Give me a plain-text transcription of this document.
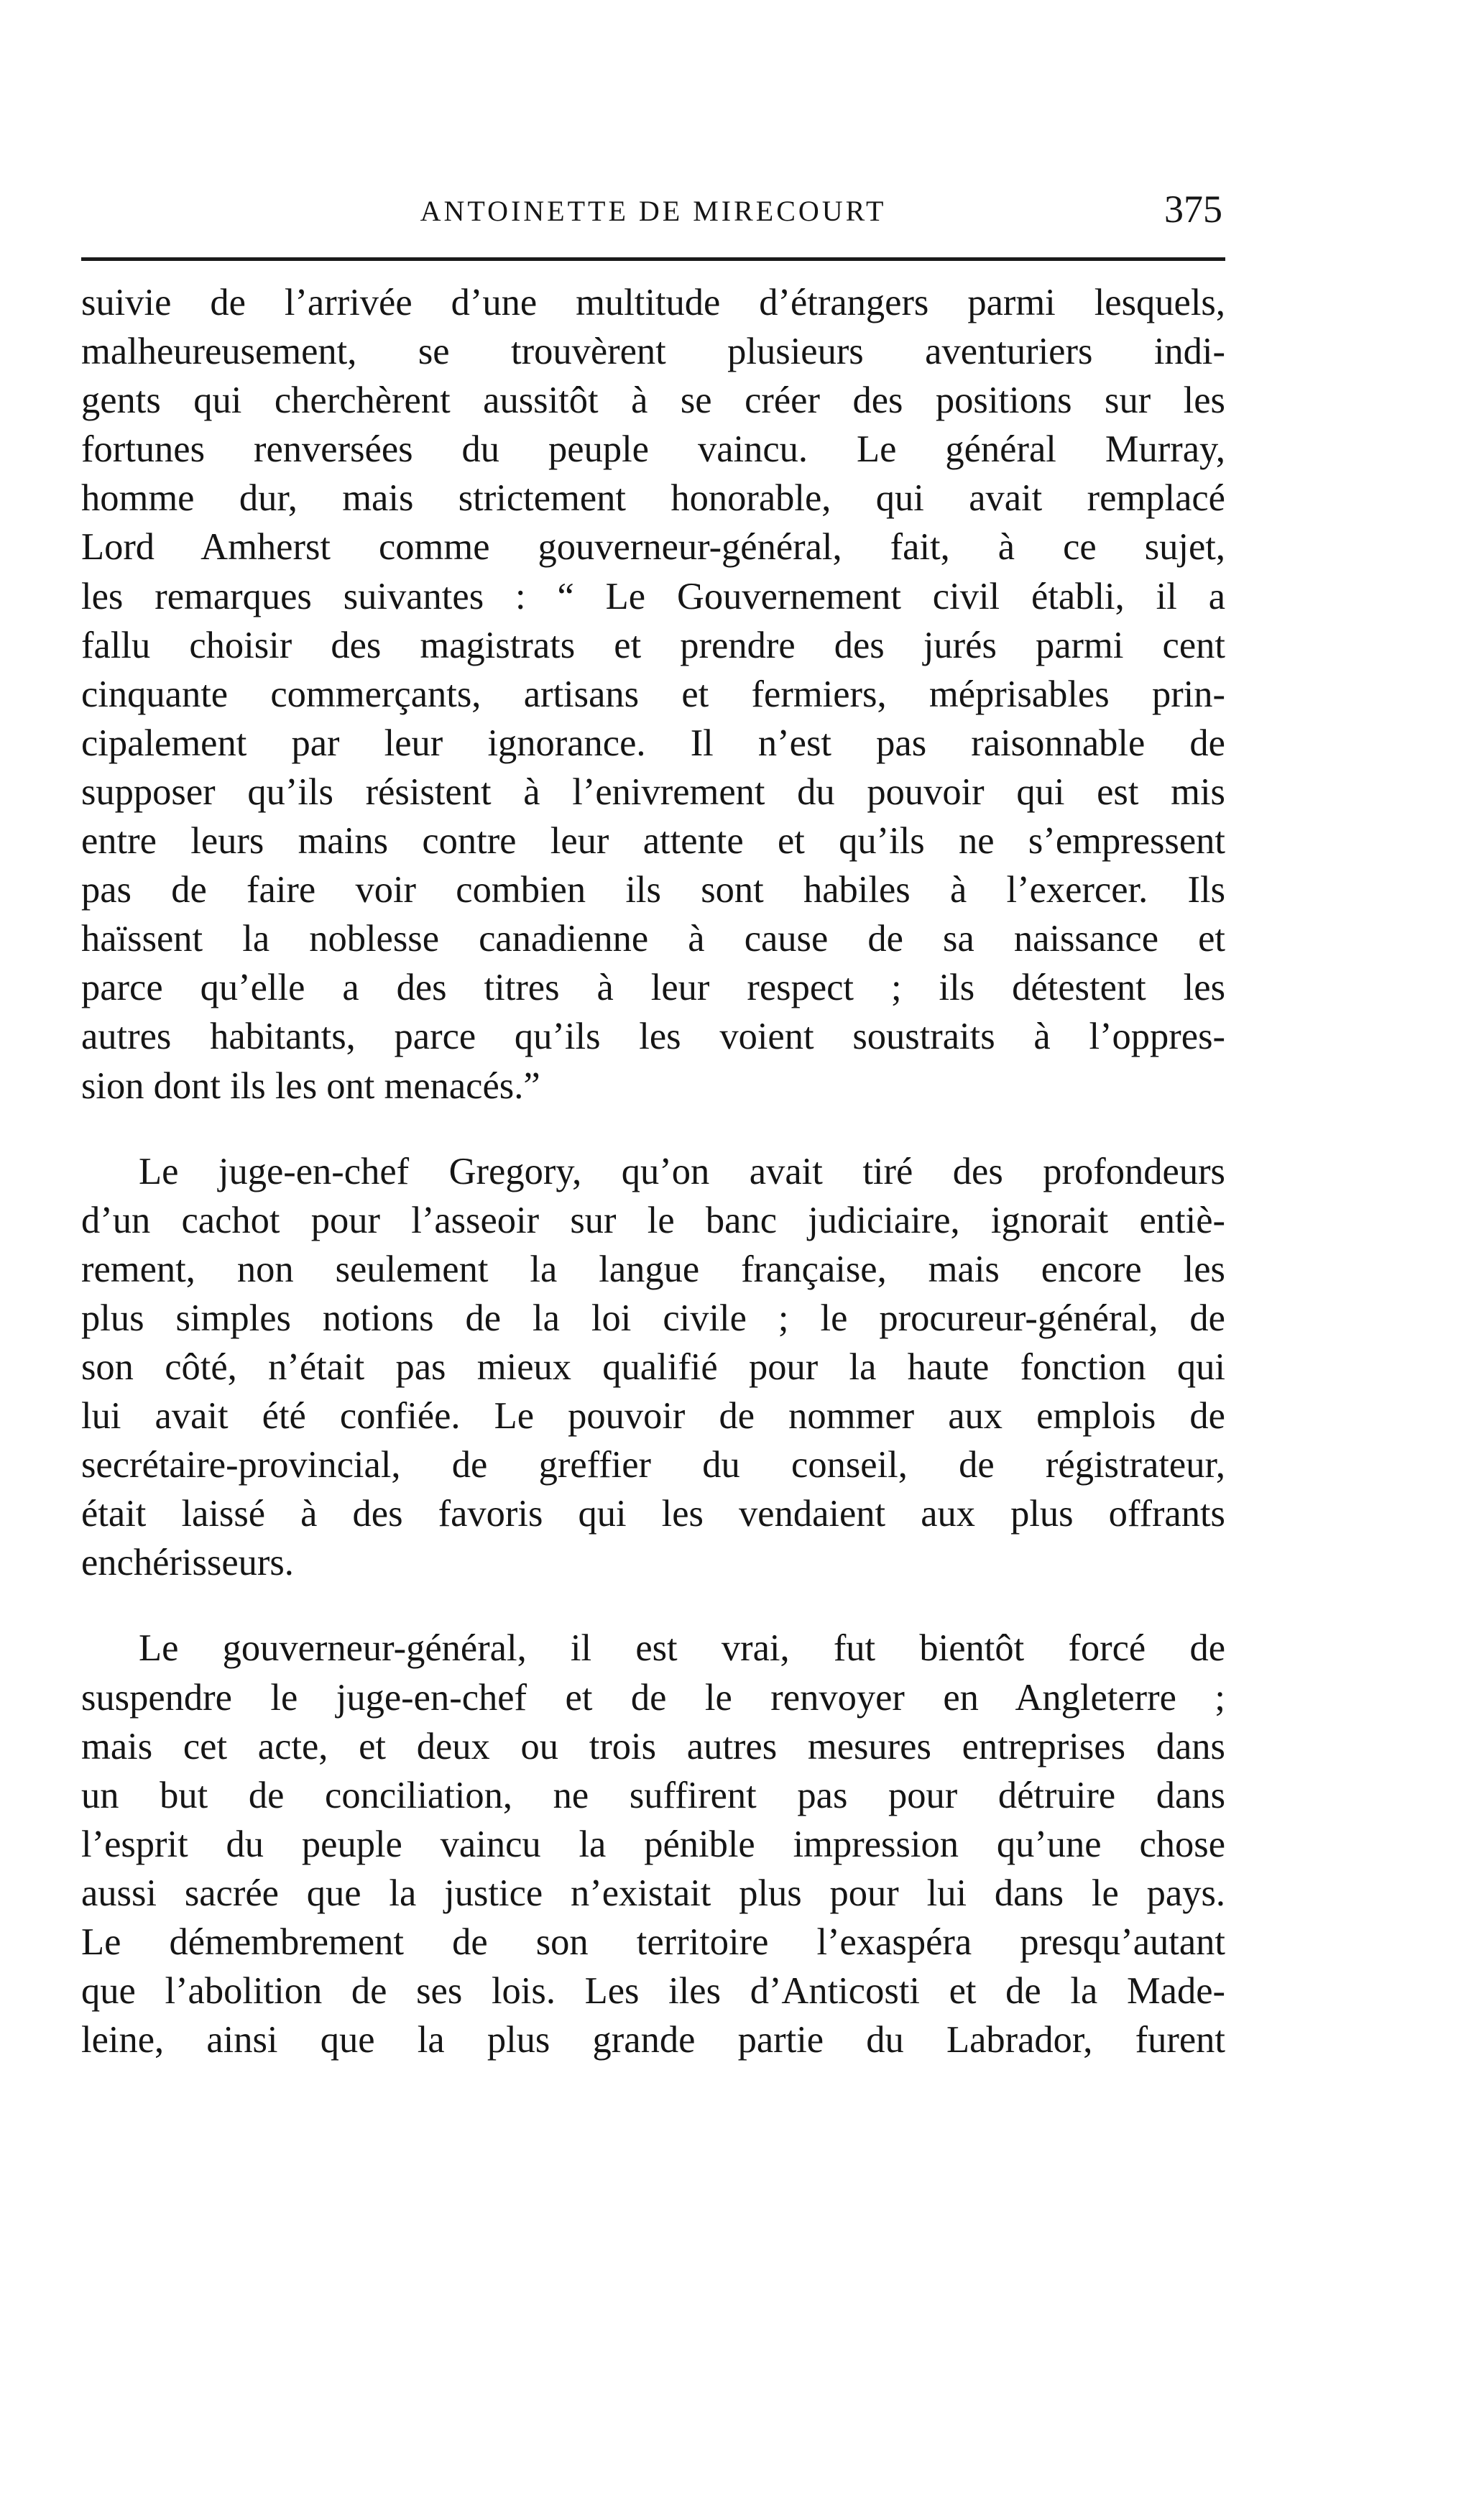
ANTOINETTE DE MIRECOURT	375
suivie de l’arrivée d’une multitude d’étrangers parmi lesquels,
malheureusement, se trouvèrent plusieurs aventuriers indi-
gents qui cherchèrent aussitôt à se créer des positions sur les
fortunes renversées du peuple vaincu. Le général Murray,
homme dur, mais strictement honorable, qui avait remplacé
Lord Amherst comme gouverneur-général, fait, à ce sujet,
les remarques suivantes : “ Le Gouvernement civil établi, il a
fallu choisir des magistrats et prendre des jurés parmi cent
cinquante commerçants, artisans et fermiers, méprisables prin-
cipalement par leur ignorance. Il n’est pas raisonnable de
supposer qu’ils résistent à l’enivrement du pouvoir qui est mis
entre leurs mains contre leur attente et qu’ils ne s’empressent
pas de faire voir combien ils sont habiles à l’exercer. Ils
haïssent la noblesse canadienne à cause de sa naissance et
parce qu’elle a des titres à leur respect ; ils détestent les
autres habitants, parce qu’ils les voient soustraits à l’oppres-
sion dont ils les ont menacés.”
Le juge-en-chef Gregory, qu’on avait tiré des profondeurs
d’un cachot pour l’asseoir sur le banc judiciaire, ignorait entiè-
rement, non seulement la langue française, mais encore les
plus simples notions de la loi civile ; le procureur-général, de
son côté, n’était pas mieux qualifié pour la haute fonction qui
lui avait été confiée. Le pouvoir de nommer aux emplois de
secrétaire-provincial, de greffier du conseil, de régistrateur,
était laissé à des favoris qui les vendaient aux plus offrants
enchérisseurs.
Le gouverneur-général, il est vrai, fut bientôt forcé de
suspendre le juge-en-chef et de le renvoyer en Angleterre ;
mais cet acte, et deux ou trois autres mesures entreprises dans
un but de conciliation, ne suffirent pas pour détruire dans
l’esprit du peuple vaincu la pénible impression qu’une chose
aussi sacrée que la justice n’existait plus pour lui dans le pays.
Le démembrement de son territoire l’exaspéra presqu’autant
que l’abolition de ses lois. Les iles d’Anticosti et de la Made-
leine, ainsi que la plus grande partie du Labrador, furent
